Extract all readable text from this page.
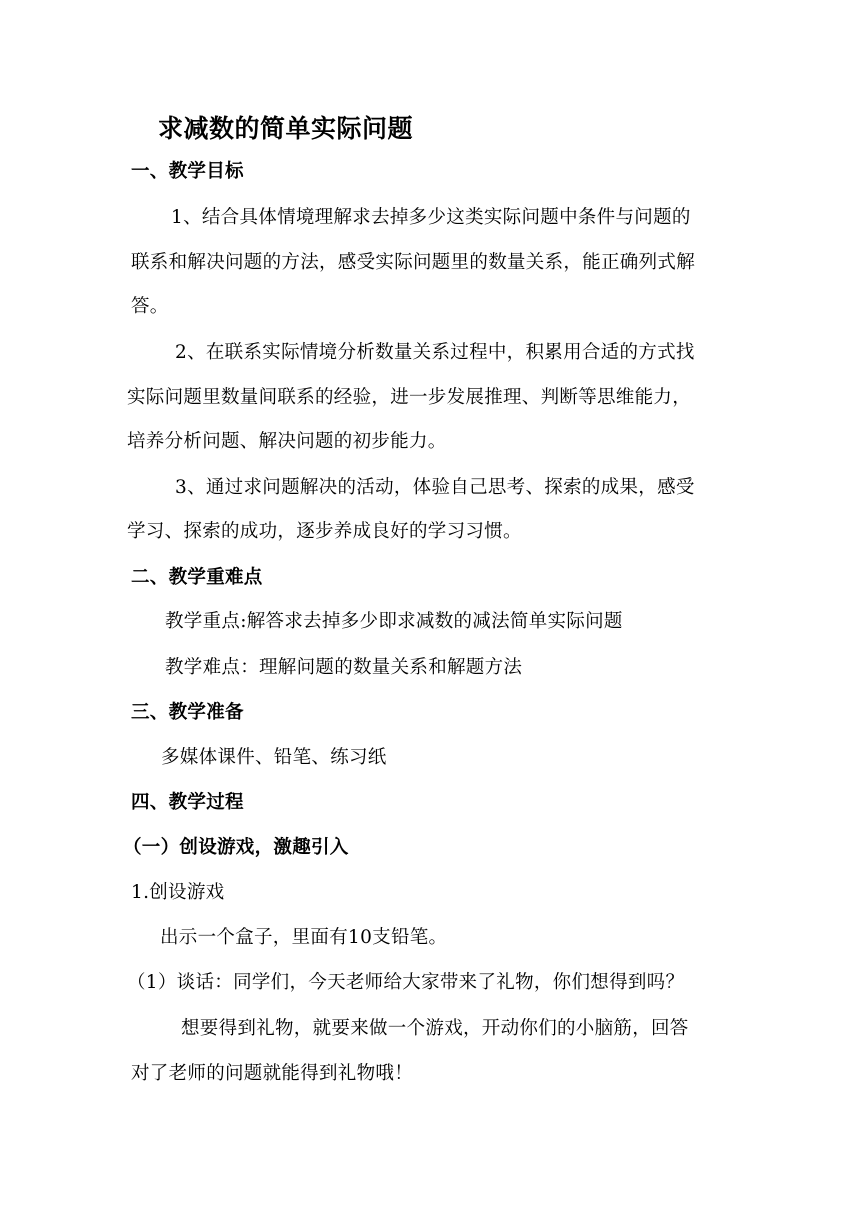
求减数的简单实际问题
一、教学目标
1、结合具体情境理解求去掉多少这类实际问题中条件与问题的
联系和解决问题的方法，感受实际问题里的数量关系，能正确列式解
答。
2、在联系实际情境分析数量关系过程中，积累用合适的方式找
实际问题里数量间联系的经验，进一步发展推理、判断等思维能力，
培养分析问题、解决问题的初步能力。
3、通过求问题解决的活动，体验自己思考、探索的成果，感受
学习、探索的成功，逐步养成良好的学习习惯。
二、教学重难点
教学重点:解答求去掉多少即求减数的减法简单实际问题
教学难点：理解问题的数量关系和解题方法
三、教学准备
多媒体课件、铅笔、练习纸
四、教学过程
（一）创设游戏，激趣引入
1.创设游戏
出示一个盒子，里面有10支铅笔。
（1）谈话：同学们，今天老师给大家带来了礼物，你们想得到吗？
想要得到礼物，就要来做一个游戏，开动你们的小脑筋，回答
对了老师的问题就能得到礼物哦！
